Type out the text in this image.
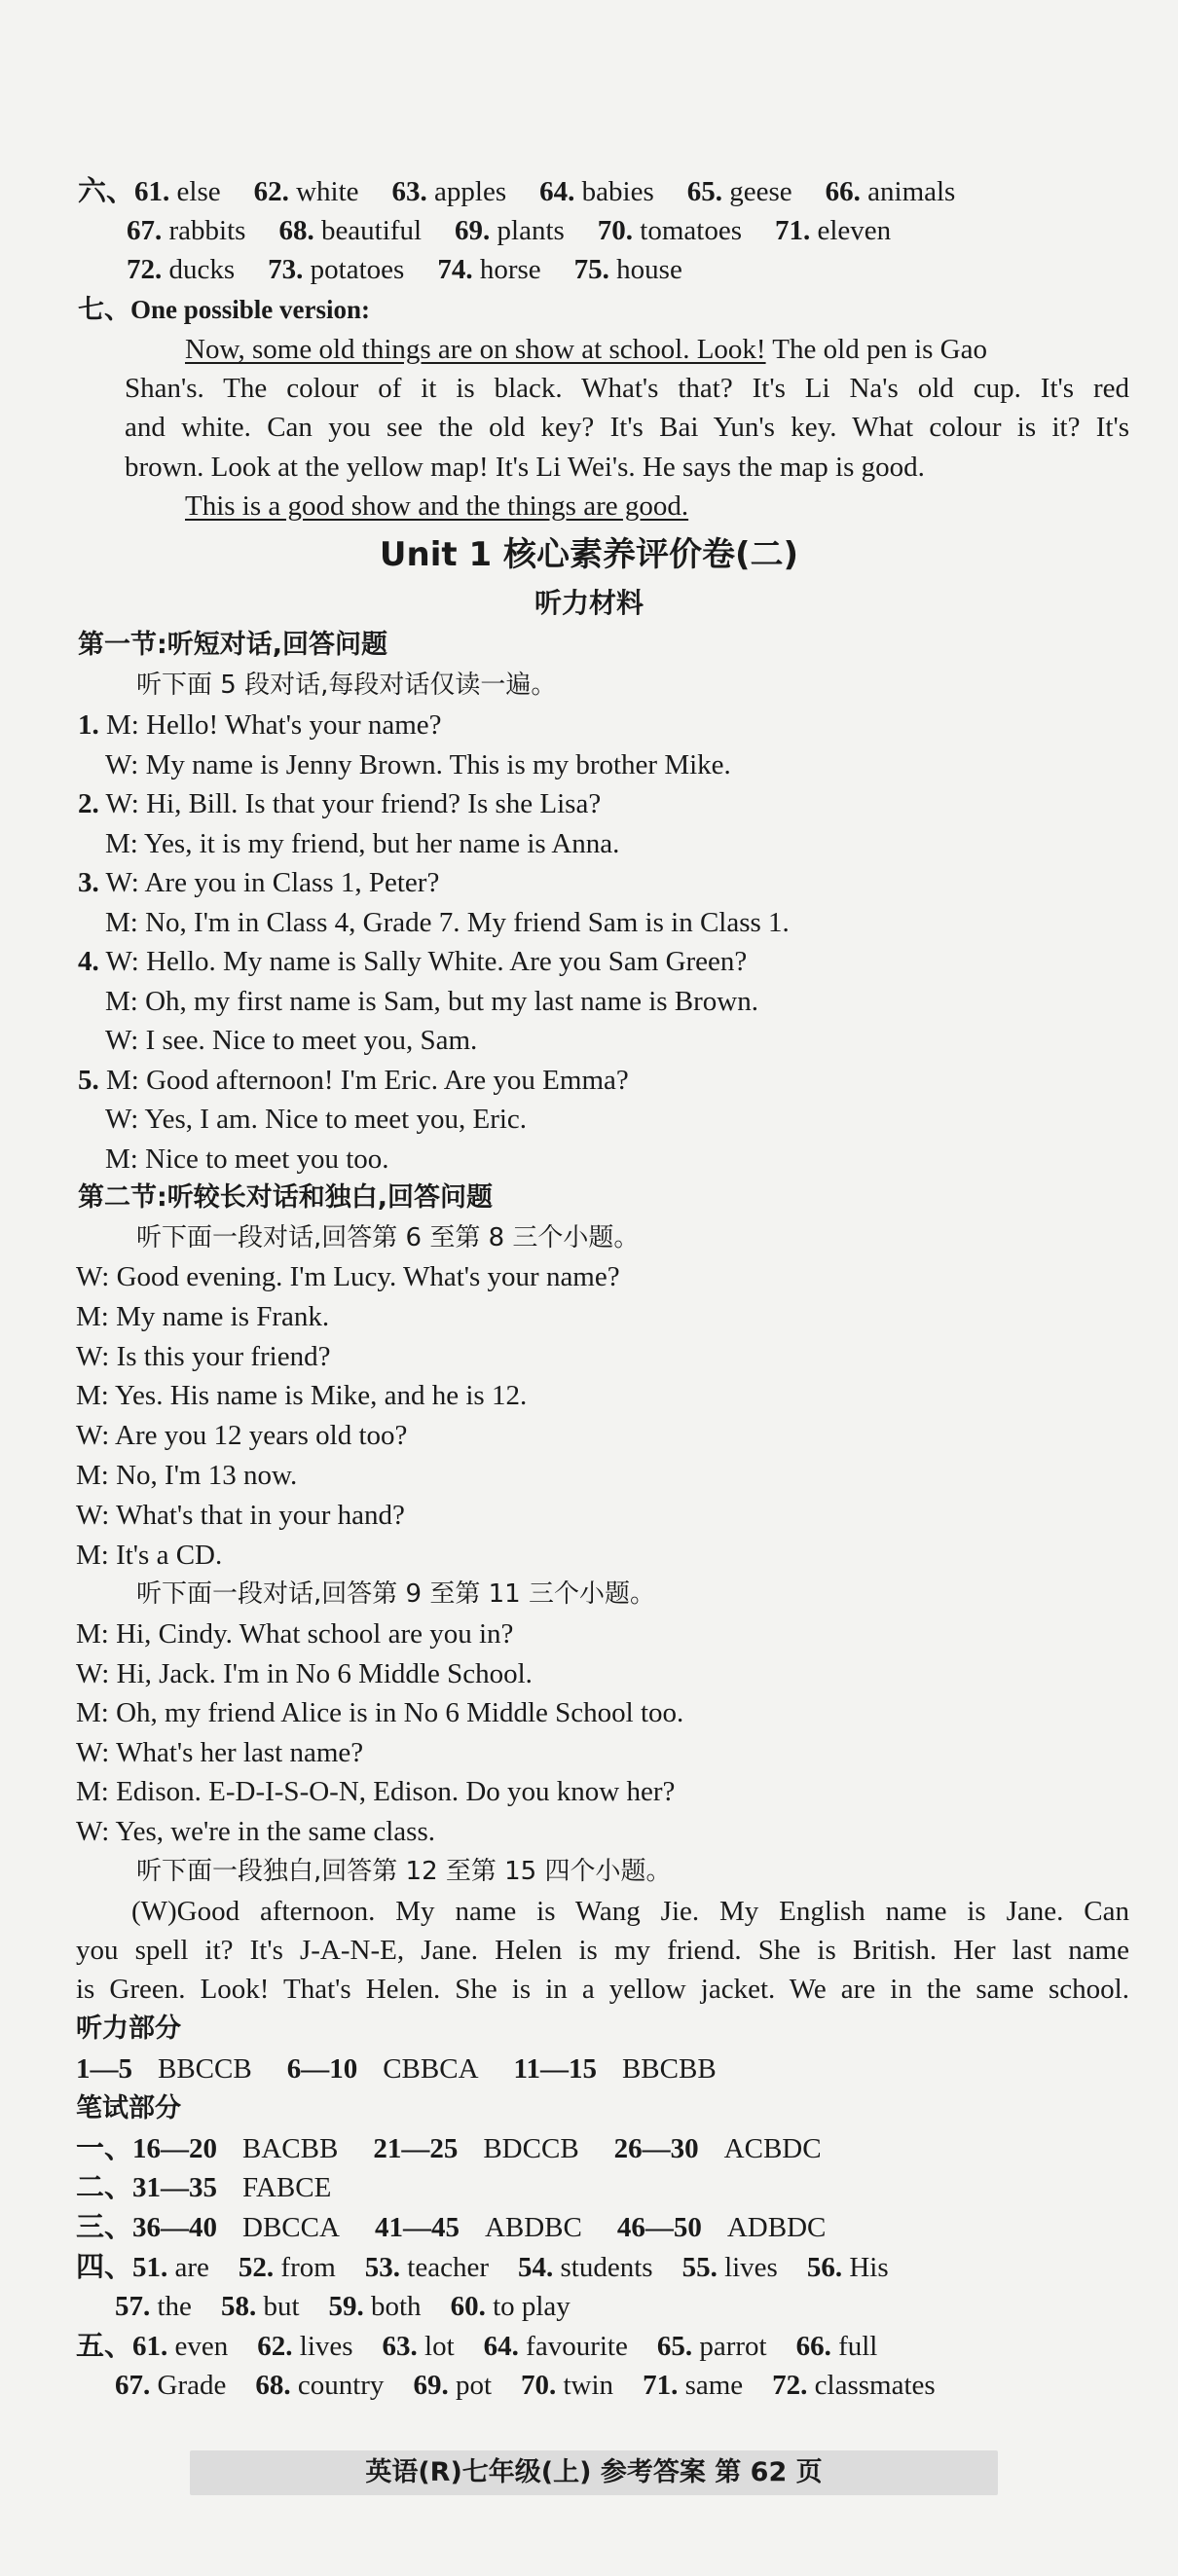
六、61. else 62. white 63. apples 64. babies 65. geese 66. animals
67. rabbits 68. beautiful 69. plants 70. tomatoes 71. eleven
72. ducks 73. potatoes 74. horse 75. house
七、One possible version:
Now, some old things are on show at school. Look! The old pen is Gao
Shan's. The colour of it is black. What's that? It's Li Na's old cup. It's red
and white. Can you see the old key? It's Bai Yun's key. What colour is it? It's
brown. Look at the yellow map! It's Li Wei's. He says the map is good.
This is a good show and the things are good.
Unit 1 核心素养评价卷(二)
听力材料
第一节:听短对话,回答问题
听下面 5 段对话,每段对话仅读一遍。
1. M: Hello! What's your name?
W: My name is Jenny Brown. This is my brother Mike.
2. W: Hi, Bill. Is that your friend? Is she Lisa?
M: Yes, it is my friend, but her name is Anna.
3. W: Are you in Class 1, Peter?
M: No, I'm in Class 4, Grade 7. My friend Sam is in Class 1.
4. W: Hello. My name is Sally White. Are you Sam Green?
M: Oh, my first name is Sam, but my last name is Brown.
W: I see. Nice to meet you, Sam.
5. M: Good afternoon! I'm Eric. Are you Emma?
W: Yes, I am. Nice to meet you, Eric.
M: Nice to meet you too.
第二节:听较长对话和独白,回答问题
听下面一段对话,回答第 6 至第 8 三个小题。
W: Good evening. I'm Lucy. What's your name?
M: My name is Frank.
W: Is this your friend?
M: Yes. His name is Mike, and he is 12.
W: Are you 12 years old too?
M: No, I'm 13 now.
W: What's that in your hand?
M: It's a CD.
听下面一段对话,回答第 9 至第 11 三个小题。
M: Hi, Cindy. What school are you in?
W: Hi, Jack. I'm in No 6 Middle School.
M: Oh, my friend Alice is in No 6 Middle School too.
W: What's her last name?
M: Edison. E-D-I-S-O-N, Edison. Do you know her?
W: Yes, we're in the same class.
听下面一段独白,回答第 12 至第 15 四个小题。
(W)Good afternoon. My name is Wang Jie. My English name is Jane. Can
you spell it? It's J-A-N-E, Jane. Helen is my friend. She is British. Her last name
is Green. Look! That's Helen. She is in a yellow jacket. We are in the same school.
听力部分
1—5 BBCCB 6—10 CBBCA 11—15 BBCBB
笔试部分
一、16—20 BACBB 21—25 BDCCB 26—30 ACBDC
二、31—35 FABCE
三、36—40 DBCCA 41—45 ABDBC 46—50 ADBDC
四、51. are 52. from 53. teacher 54. students 55. lives 56. His
57. the 58. but 59. both 60. to play
五、61. even 62. lives 63. lot 64. favourite 65. parrot 66. full
67. Grade 68. country 69. pot 70. twin 71. same 72. classmates
英语(R)七年级(上) 参考答案 第 62 页
